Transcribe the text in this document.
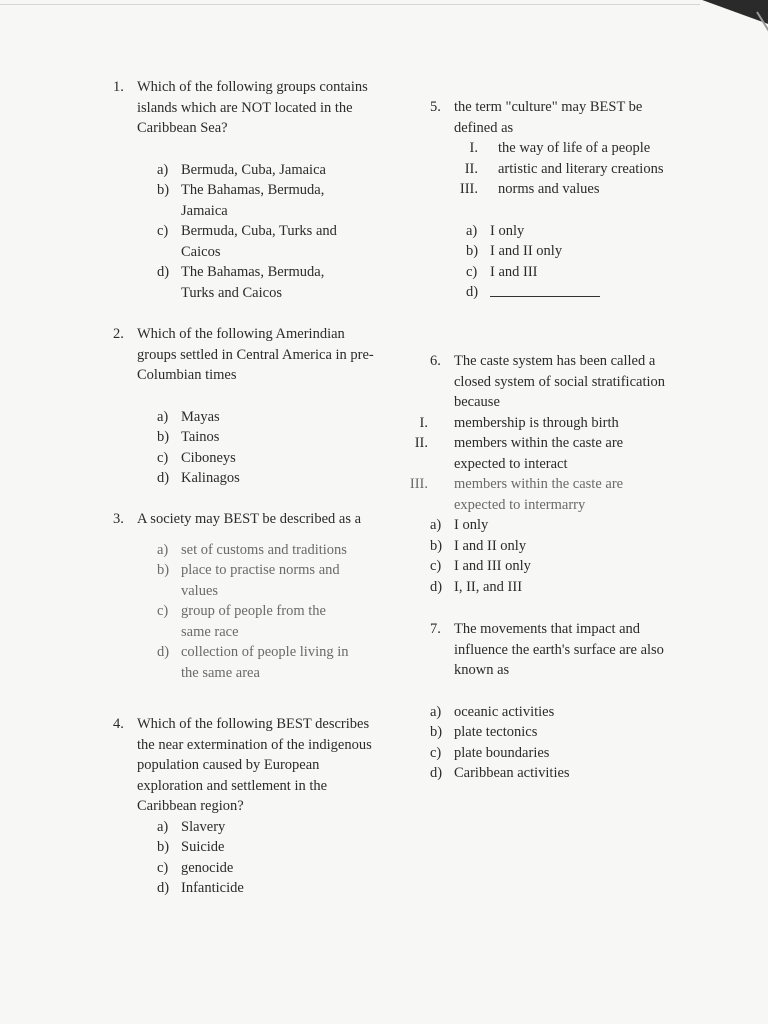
1. Which of the following groups contains islands which are NOT located in the Caribbean Sea?
a) Bermuda, Cuba, Jamaica
b) The Bahamas, Bermuda, Jamaica
c) Bermuda, Cuba, Turks and Caicos
d) The Bahamas, Bermuda, Turks and Caicos
2. Which of the following Amerindian groups settled in Central America in pre-Columbian times
a) Mayas
b) Tainos
c) Ciboneys
d) Kalinagos
3. A society may BEST be described as a
a) set of customs and traditions
b) place to practise norms and values
c) group of people from the same race
d) collection of people living in the same area
4. Which of the following BEST describes the near extermination of the indigenous population caused by European exploration and settlement in the Caribbean region?
a) Slavery
b) Suicide
c) genocide
d) Infanticide
5. the term "culture" may BEST be defined as
I. the way of life of a people
II. artistic and literary creations
III. norms and values
a) I only
b) I and II only
c) I and III
d)
6. The caste system has been called a closed system of social stratification because
I. membership is through birth
II. members within the caste are expected to interact
III. members within the caste are expected to intermarry
a) I only
b) I and II only
c) I and III only
d) I, II, and III
7. The movements that impact and influence the earth's surface are also known as
a) oceanic activities
b) plate tectonics
c) plate boundaries
d) Caribbean activities
